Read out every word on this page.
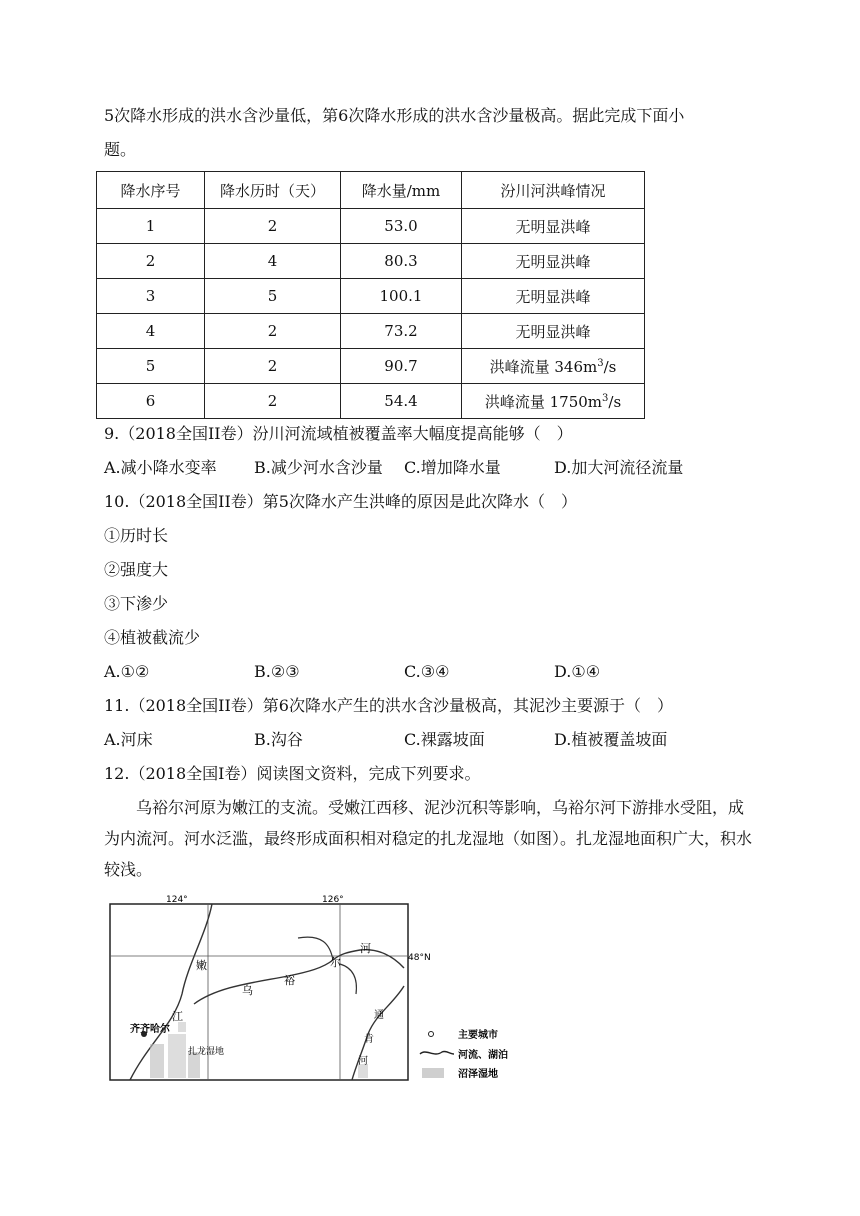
5次降水形成的洪水含沙量低，第6次降水形成的洪水含沙量极高。据此完成下面小
题。
降水序号	降水历时（天）	降水量/mm	汾川河洪峰情况
1	2	53.0	无明显洪峰
2	4	80.3	无明显洪峰
3	5	100.1	无明显洪峰
4	2	73.2	无明显洪峰
5	2	90.7	洪峰流量 $346m^3/s$
6	2	54.4	洪峰流量 $1750m^3/s$
9.（2018全国II卷）汾川河流域植被覆盖率大幅度提高能够（　）
A.减小降水变率 B.减少河水含沙量 C.增加降水量	D.加大河流径流量
10.（2018全国II卷）第5次降水产生洪峰的原因是此次降水（　）
①历时长
②强度大
③下渗少
④植被截流少
A.①②	B.②③	C.③④	D.①④
11.（2018全国II卷）第6次降水产生的洪水含沙量极高，其泥沙主要源于（　）
A.河床	B.沟谷	C.裸露坡面	D.植被覆盖坡面
12.（2018全国I卷）阅读图文资料，完成下列要求。
乌裕尔河原为嫩江的支流。受嫩江西移、泥沙沉积等影响，乌裕尔河下游排水受阻，成为内流河。河水泛滥，最终形成面积相对稳定的扎龙湿地（如图）。扎龙湿地面积广大，积水较浅。
124°	126°
48°N
嫩
江
乌
裕
尔
河
通
肯
河
齐齐哈尔
扎龙湿地
主要城市
河流、湖泊
沼泽湿地
